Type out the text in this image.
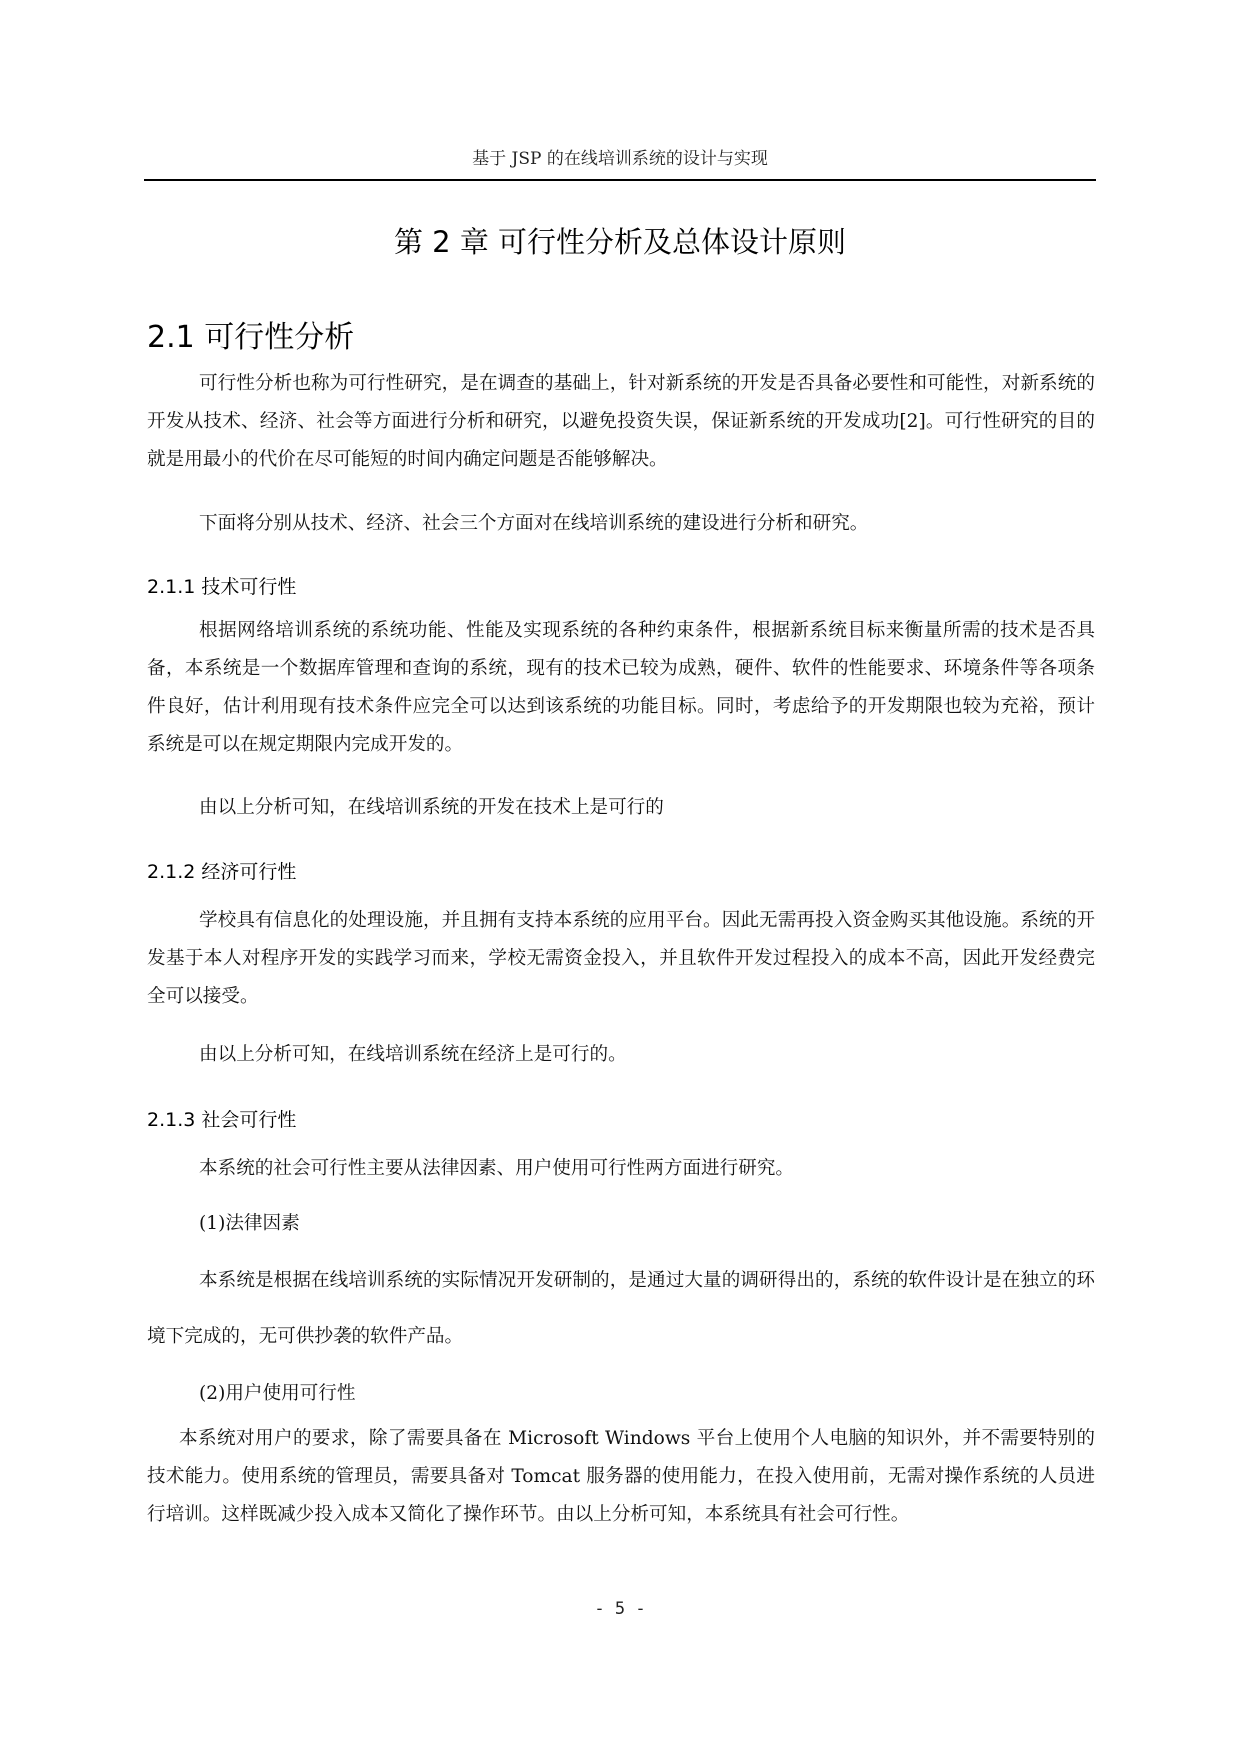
基于 JSP 的在线培训系统的设计与实现
第 2 章 可行性分析及总体设计原则
2.1 可行性分析

可行性分析也称为可行性研究，是在调查的基础上，针对新系统的开发是否具备必要性和可能性，对新系统的开发从技术、经济、社会等方面进行分析和研究，以避免投资失误，保证新系统的开发成功[2]。可行性研究的目的就是用最小的代价在尽可能短的时间内确定问题是否能够解决。

下面将分别从技术、经济、社会三个方面对在线培训系统的建设进行分析和研究。

2.1.1 技术可行性

根据网络培训系统的系统功能、性能及实现系统的各种约束条件，根据新系统目标来衡量所需的技术是否具备，本系统是一个数据库管理和查询的系统，现有的技术已较为成熟，硬件、软件的性能要求、环境条件等各项条件良好，估计利用现有技术条件应完全可以达到该系统的功能目标。同时，考虑给予的开发期限也较为充裕，预计系统是可以在规定期限内完成开发的。

由以上分析可知，在线培训系统的开发在技术上是可行的

2.1.2 经济可行性

学校具有信息化的处理设施，并且拥有支持本系统的应用平台。因此无需再投入资金购买其他设施。系统的开发基于本人对程序开发的实践学习而来，学校无需资金投入，并且软件开发过程投入的成本不高，因此开发经费完全可以接受。

由以上分析可知，在线培训系统在经济上是可行的。

2.1.3 社会可行性

本系统的社会可行性主要从法律因素、用户使用可行性两方面进行研究。

(1)法律因素

本系统是根据在线培训系统的实际情况开发研制的，是通过大量的调研得出的，系统的软件设计是在独立的环境下完成的，无可供抄袭的软件产品。

(2)用户使用可行性

本系统对用户的要求，除了需要具备在 Microsoft Windows 平台上使用个人电脑的知识外，并不需要特别的技术能力。使用系统的管理员，需要具备对 Tomcat 服务器的使用能力，在投入使用前，无需对操作系统的人员进行培训。这样既减少投入成本又简化了操作环节。由以上分析可知，本系统具有社会可行性。

- 5 -
